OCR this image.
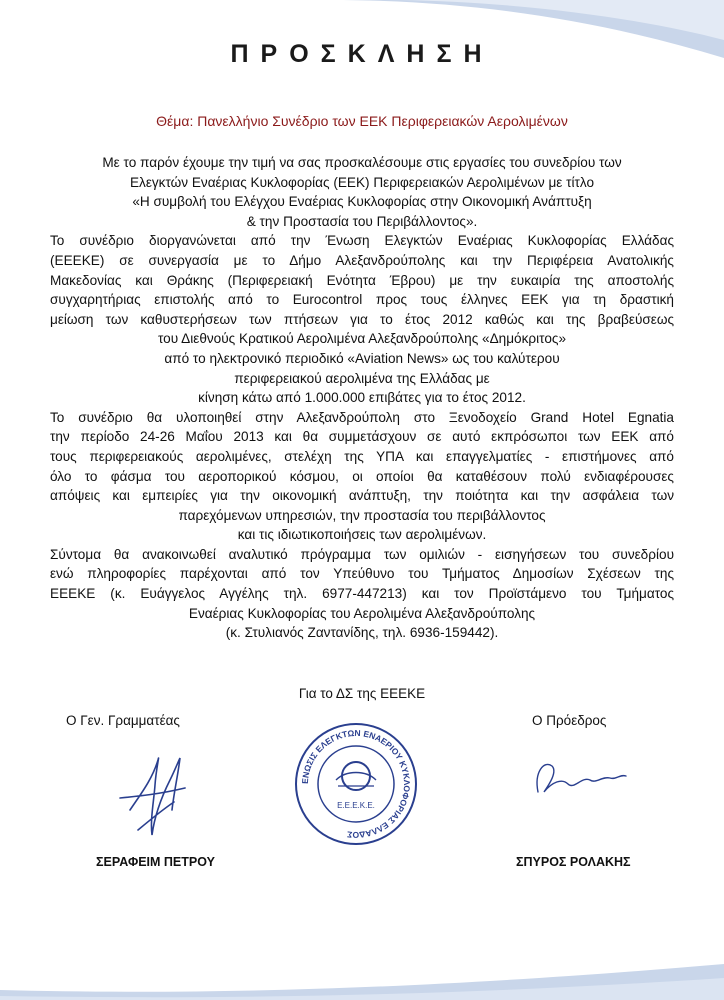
ΠΡΟΣΚΛΗΣΗ
Θέμα: Πανελλήνιο Συνέδριο των ΕΕΚ Περιφερειακών Αερολιμένων
Με το παρόν έχουμε την τιμή να σας προσκαλέσουμε στις εργασίες του συνεδρίου των
Ελεγκτών Εναέριας Κυκλοφορίας (ΕΕΚ) Περιφερειακών Αερολιμένων με τίτλο
«Η συμβολή του Ελέγχου Εναέριας Κυκλοφορίας στην Οικονομική Ανάπτυξη
& την Προστασία του Περιβάλλοντος».
Το συνέδριο διοργανώνεται από την Ένωση Ελεγκτών Εναέριας Κυκλοφορίας Ελλάδας
(ΕΕΕΚΕ) σε συνεργασία με το Δήμο Αλεξανδρούπολης και την Περιφέρεια Ανατολικής
Μακεδονίας και Θράκης (Περιφερειακή Ενότητα Έβρου) με την ευκαιρία της αποστολής
συγχαρητήριας επιστολής από το Eurocontrol προς τους έλληνες ΕΕΚ για τη δραστική
μείωση των καθυστερήσεων των πτήσεων για το έτος 2012 καθώς και της βραβεύσεως
του Διεθνούς Κρατικού Αερολιμένα Αλεξανδρούπολης «Δημόκριτος»
από το ηλεκτρονικό περιοδικό «Aviation News» ως του καλύτερου
περιφερειακού αερολιμένα της Ελλάδας με
κίνηση κάτω από 1.000.000 επιβάτες για το έτος 2012.
Το συνέδριο θα υλοποιηθεί στην Αλεξανδρούπολη στο Ξενοδοχείο Grand Hotel Egnatia
την περίοδο 24-26 Μαΐου 2013 και θα συμμετάσχουν σε αυτό εκπρόσωποι των ΕΕΚ από
τους περιφερειακούς αερολιμένες, στελέχη της ΥΠΑ και επαγγελματίες - επιστήμονες από
όλο το φάσμα του αεροπορικού κόσμου, οι οποίοι θα καταθέσουν πολύ ενδιαφέρουσες
απόψεις και εμπειρίες για την οικονομική ανάπτυξη, την ποιότητα και την ασφάλεια των
παρεχόμενων υπηρεσιών, την προστασία του περιβάλλοντος
και τις ιδιωτικοποιήσεις των αερολιμένων.
Σύντομα θα ανακοινωθεί αναλυτικό πρόγραμμα των ομιλιών - εισηγήσεων του συνεδρίου
ενώ πληροφορίες παρέχονται από τον Υπεύθυνο του Τμήματος Δημοσίων Σχέσεων της
ΕΕΕΚΕ (κ. Ευάγγελος Αγγέλης τηλ. 6977-447213) και τον Προϊστάμενο του Τμήματος
Εναέριας Κυκλοφορίας του Αερολιμένα Αλεξανδρούπολης
(κ. Στυλιανός Ζαντανίδης, τηλ. 6936-159442).
Για το ΔΣ της ΕΕΕΚΕ
Ο Γεν. Γραμματέας	Ο Πρόεδρος
ΕΝΩΣΙΣ ΕΛΕΓΚΤΩΝ ΕΝΑΕΡΙΟΥ ΚΥΚΛΟΦΟΡΙΑΣ ΕΛΛΑΔΟΣ
Ε.Ε.Ε.Κ.Ε.
ΣΕΡΑΦΕΙΜ ΠΕΤΡΟΥ	ΣΠΥΡΟΣ ΡΟΛΑΚΗΣ
